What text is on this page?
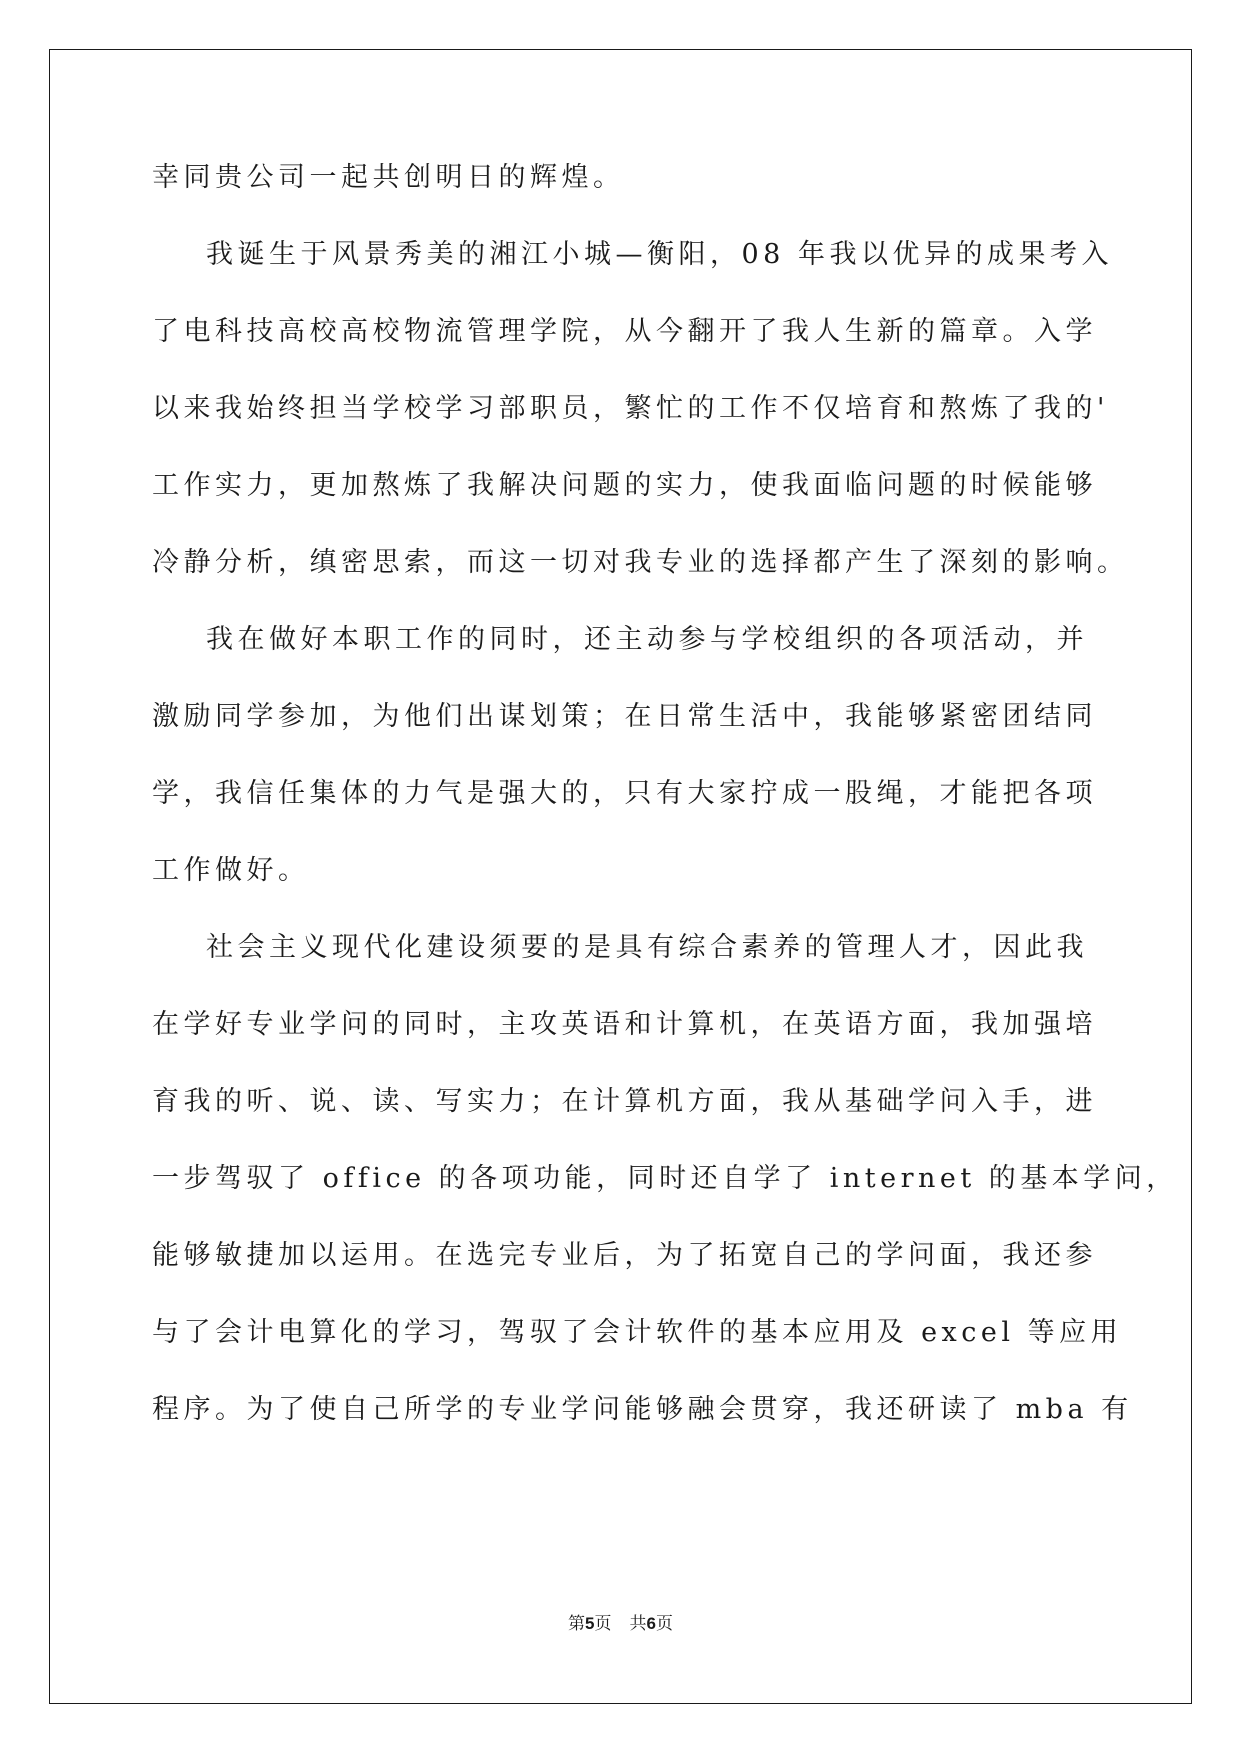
幸同贵公司一起共创明日的辉煌。
我诞生于风景秀美的湘江小城—衡阳，08 年我以优异的成果考入
了电科技高校高校物流管理学院，从今翻开了我人生新的篇章。入学
以来我始终担当学校学习部职员，繁忙的工作不仅培育和熬炼了我的'
工作实力，更加熬炼了我解决问题的实力，使我面临问题的时候能够
冷静分析，缜密思索，而这一切对我专业的选择都产生了深刻的影响。
我在做好本职工作的同时，还主动参与学校组织的各项活动，并
激励同学参加，为他们出谋划策；在日常生活中，我能够紧密团结同
学，我信任集体的力气是强大的，只有大家拧成一股绳，才能把各项
工作做好。
社会主义现代化建设须要的是具有综合素养的管理人才，因此我
在学好专业学问的同时，主攻英语和计算机，在英语方面，我加强培
育我的听、说、读、写实力；在计算机方面，我从基础学问入手，进
一步驾驭了 office 的各项功能，同时还自学了 internet 的基本学问，
能够敏捷加以运用。在选完专业后，为了拓宽自己的学问面，我还参
与了会计电算化的学习，驾驭了会计软件的基本应用及 excel 等应用
程序。为了使自己所学的专业学问能够融会贯穿，我还研读了 mba 有
第5页 共6页
